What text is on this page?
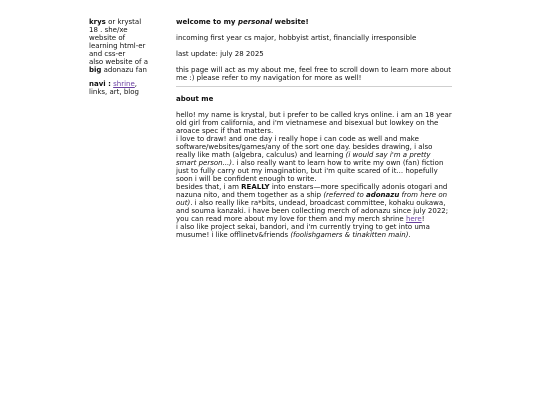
krys or krystal

18 . she/xe

website of

learning html-er

and css-er

also website of a

big adonazu fan

navi : shrine,

links, art, blog

welcome to my personal website!

incoming first year cs major, hobbyist artist, financially irresponsible

last update: july 28 2025

this page will act as my about me, feel free to scroll down to learn more about me :) please refer to my navigation for more as well!

about me

hello! my name is krystal, but i prefer to be called krys online. i am an 18 year old girl from california, and i'm vietnamese and bisexual but lowkey on the aroace spec if that matters.

i love to draw! and one day i really hope i can code as well and make software/websites/games/any of the sort one day. besides drawing, i also really like math (algebra, calculus) and learning (i would say i'm a pretty smart person...). i also really want to learn how to write my own (fan) fiction just to fully carry out my imagination, but i'm quite scared of it... hopefully soon i will be confident enough to write.

besides that, i am REALLY into enstars—more specifically adonis otogari and nazuna nito, and them together as a ship (referred to adonazu from here on out). i also really like ra*bits, undead, broadcast committee, kohaku oukawa, and souma kanzaki. i have been collecting merch of adonazu since july 2022; you can read more about my love for them and my merch shrine here!

i also like project sekai, bandori, and i'm currently trying to get into uma musume! i like offlinetv&friends (foolishgamers & tinakitten main).
